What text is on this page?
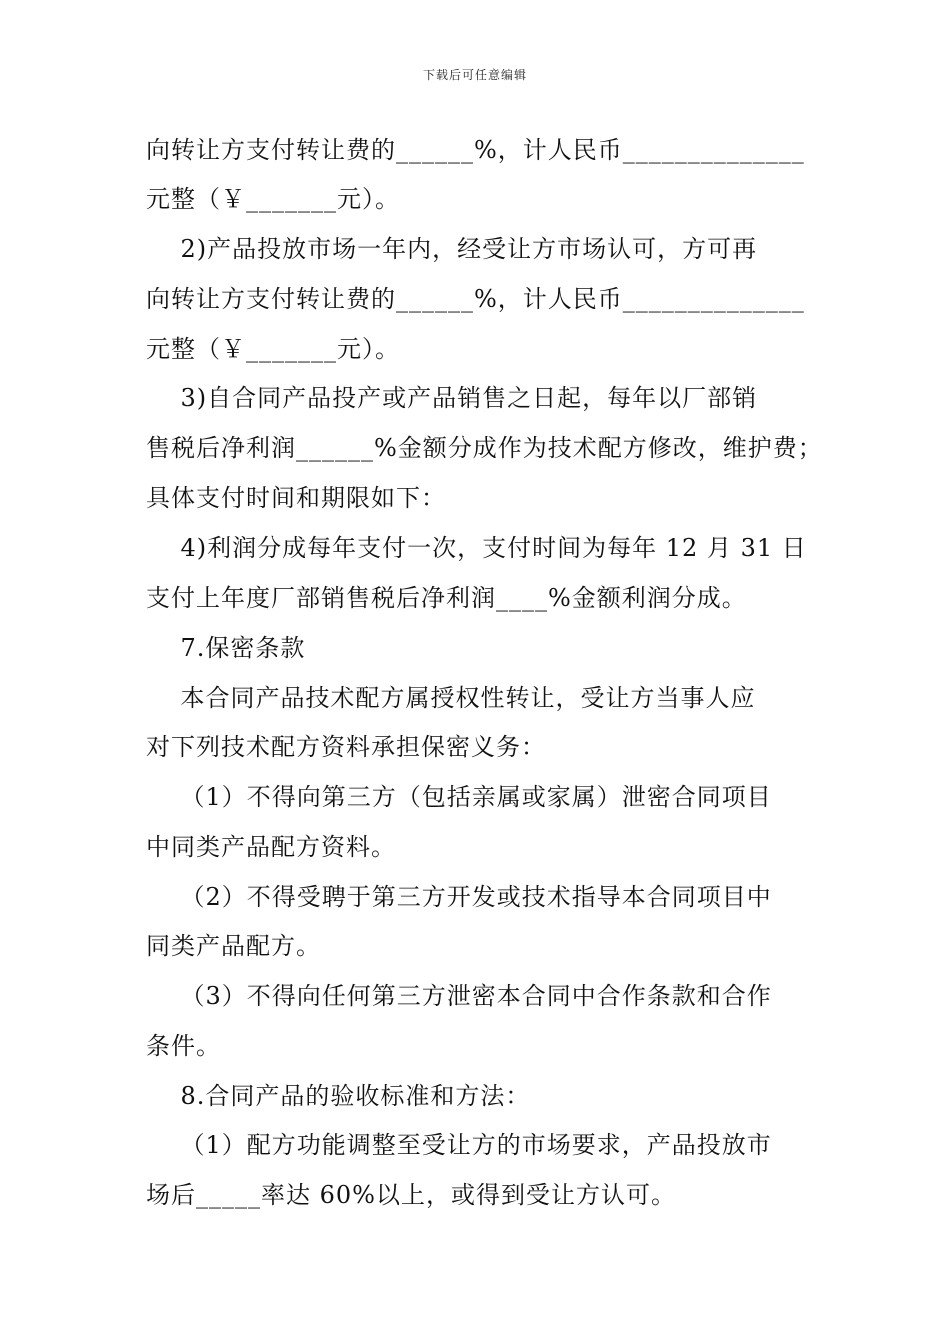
下载后可任意编辑
向转让方支付转让费的______%，计人民币______________
元整（￥_______元）。
2)产品投放市场一年内，经受让方市场认可，方可再
向转让方支付转让费的______%，计人民币______________
元整（￥_______元）。
3)自合同产品投产或产品销售之日起，每年以厂部销
售税后净利润______%金额分成作为技术配方修改，维护费；
具体支付时间和期限如下：
4)利润分成每年支付一次，支付时间为每年 12 月 31 日
支付上年度厂部销售税后净利润____%金额利润分成。
7.保密条款
本合同产品技术配方属授权性转让，受让方当事人应
对下列技术配方资料承担保密义务：
（1）不得向第三方（包括亲属或家属）泄密合同项目
中同类产品配方资料。
（2）不得受聘于第三方开发或技术指导本合同项目中
同类产品配方。
（3）不得向任何第三方泄密本合同中合作条款和合作
条件。
8.合同产品的验收标准和方法：
（1）配方功能调整至受让方的市场要求，产品投放市
场后_____率达 60%以上，或得到受让方认可。
